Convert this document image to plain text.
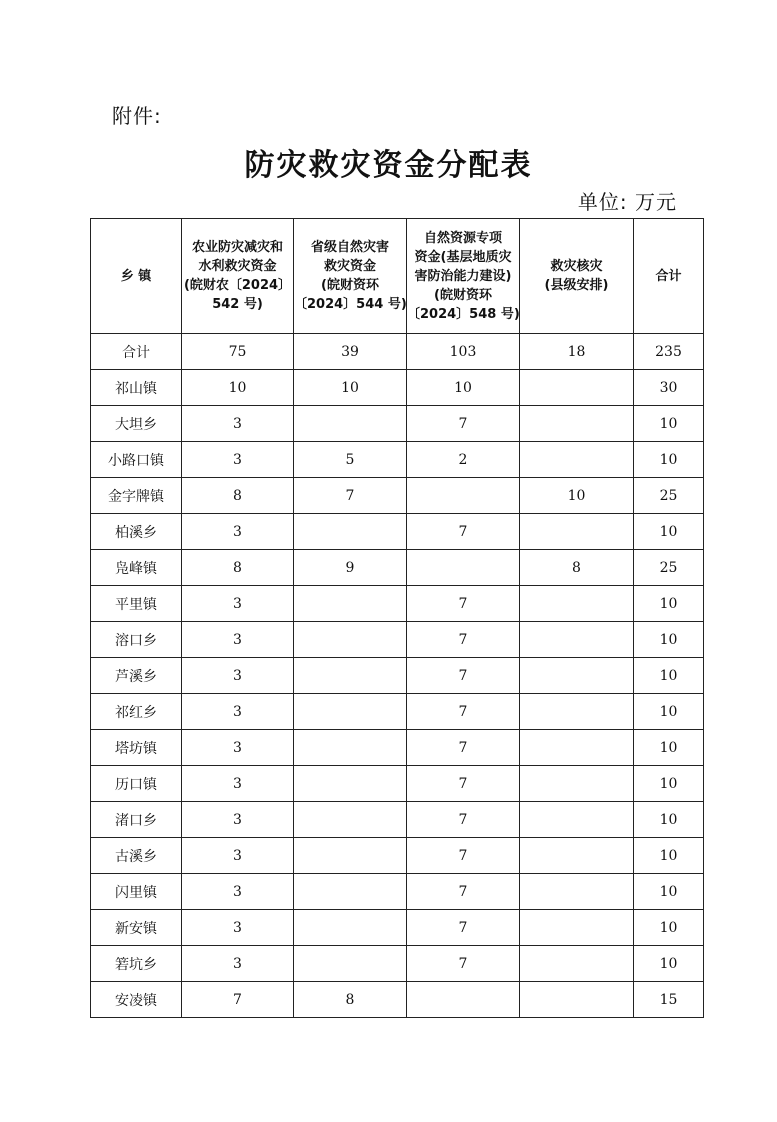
附件:
防灾救灾资金分配表
单位: 万元
乡 镇	农业防灾减灾和
水利救灾资金
(皖财农〔2024〕
542 号)	省级自然灾害
救灾资金
(皖财资环
〔2024〕544 号)	自然资源专项
资金(基层地质灾
害防治能力建设)
(皖财资环
〔2024〕548 号)	救灾核灾
(县级安排)	合计

合计	75	39	103	18	235
祁山镇	10	10	10		30
大坦乡	3		7		10
小路口镇	3	5	2		10
金字牌镇	8	7		10	25
柏溪乡	3		7		10
凫峰镇	8	9		8	25
平里镇	3		7		10
溶口乡	3		7		10
芦溪乡	3		7		10
祁红乡	3		7		10
塔坊镇	3		7		10
历口镇	3		7		10
渚口乡	3		7		10
古溪乡	3		7		10
闪里镇	3		7		10
新安镇	3		7		10
箬坑乡	3		7		10
安凌镇	7	8			15
